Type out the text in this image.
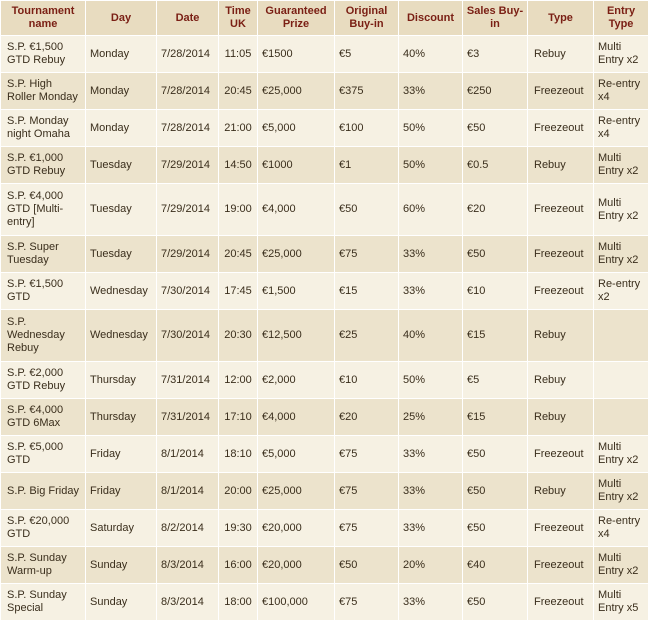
Tournament name	Day	Date	Time UK	Guaranteed Prize	Original Buy-in	Discount	Sales Buy-in	Type	Entry Type
S.P. €1,500 GTD Rebuy	Monday	7/28/2014	11:05	€1500	€5	40%	€3	Rebuy	Multi Entry x2
S.P. High Roller Monday	Monday	7/28/2014	20:45	€25,000	€375	33%	€250	Freezeout	Re-entry x4
S.P. Monday night Omaha	Monday	7/28/2014	21:00	€5,000	€100	50%	€50	Freezeout	Re-entry x4
S.P. €1,000 GTD Rebuy	Tuesday	7/29/2014	14:50	€1000	€1	50%	€0.5	Rebuy	Multi Entry x2
S.P. €4,000 GTD [Multi-entry]	Tuesday	7/29/2014	19:00	€4,000	€50	60%	€20	Freezeout	Multi Entry x2
S.P. Super Tuesday	Tuesday	7/29/2014	20:45	€25,000	€75	33%	€50	Freezeout	Multi Entry x2
S.P. €1,500 GTD	Wednesday	7/30/2014	17:45	€1,500	€15	33%	€10	Freezeout	Re-entry x2
S.P. Wednesday Rebuy	Wednesday	7/30/2014	20:30	€12,500	€25	40%	€15	Rebuy	
S.P. €2,000 GTD Rebuy	Thursday	7/31/2014	12:00	€2,000	€10	50%	€5	Rebuy	
S.P. €4,000 GTD 6Max	Thursday	7/31/2014	17:10	€4,000	€20	25%	€15	Rebuy	
S.P. €5,000 GTD	Friday	8/1/2014	18:10	€5,000	€75	33%	€50	Freezeout	Multi Entry x2
S.P. Big Friday	Friday	8/1/2014	20:00	€25,000	€75	33%	€50	Rebuy	Multi Entry x2
S.P. €20,000 GTD	Saturday	8/2/2014	19:30	€20,000	€75	33%	€50	Freezeout	Re-entry x4
S.P. Sunday Warm-up	Sunday	8/3/2014	16:00	€20,000	€50	20%	€40	Freezeout	Multi Entry x2
S.P. Sunday Special	Sunday	8/3/2014	18:00	€100,000	€75	33%	€50	Freezeout	Multi Entry x5
